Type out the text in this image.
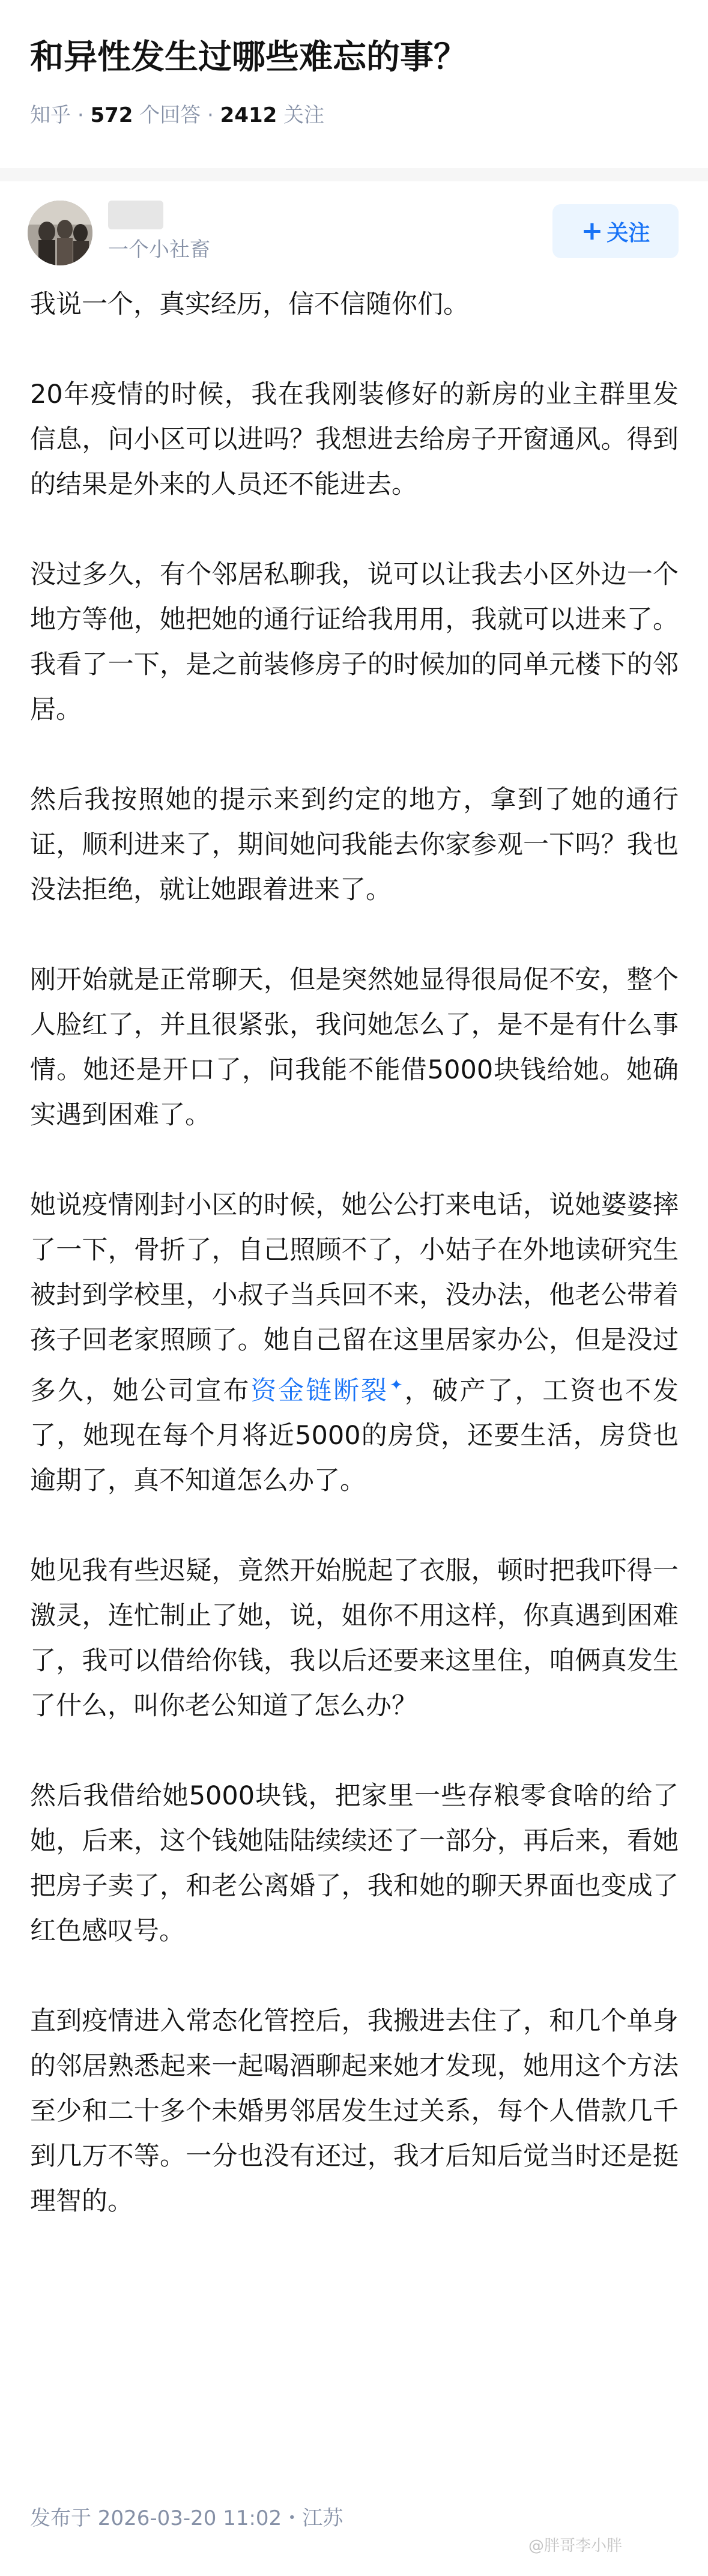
和异性发生过哪些难忘的事？
知乎 · 572 个回答 · 2412 关注
一个小社畜
+ 关注

我说一个，真实经历，信不信随你们。

20年疫情的时候，我在我刚装修好的新房的业主群里发信息，问小区可以进吗？我想进去给房子开窗通风。得到的结果是外来的人员还不能进去。

没过多久，有个邻居私聊我，说可以让我去小区外边一个地方等他，她把她的通行证给我用用，我就可以进来了。我看了一下，是之前装修房子的时候加的同单元楼下的邻居。

然后我按照她的提示来到约定的地方，拿到了她的通行证，顺利进来了，期间她问我能去你家参观一下吗？我也没法拒绝，就让她跟着进来了。

刚开始就是正常聊天，但是突然她显得很局促不安，整个人脸红了，并且很紧张，我问她怎么了，是不是有什么事情。她还是开口了，问我能不能借5000块钱给她。她确实遇到困难了。

她说疫情刚封小区的时候，她公公打来电话，说她婆婆摔了一下，骨折了，自己照顾不了，小姑子在外地读研究生被封到学校里，小叔子当兵回不来，没办法，他老公带着孩子回老家照顾了。她自己留在这里居家办公，但是没过多久，她公司宣布资金链断裂✦，破产了，工资也不发了，她现在每个月将近5000的房贷，还要生活，房贷也逾期了，真不知道怎么办了。

她见我有些迟疑，竟然开始脱起了衣服，顿时把我吓得一激灵，连忙制止了她，说，姐你不用这样，你真遇到困难了，我可以借给你钱，我以后还要来这里住，咱俩真发生了什么，叫你老公知道了怎么办？

然后我借给她5000块钱，把家里一些存粮零食啥的给了她，后来，这个钱她陆陆续续还了一部分，再后来，看她把房子卖了，和老公离婚了，我和她的聊天界面也变成了红色感叹号。

直到疫情进入常态化管控后，我搬进去住了，和几个单身的邻居熟悉起来一起喝酒聊起来她才发现，她用这个方法至少和二十多个未婚男邻居发生过关系，每个人借款几千到几万不等。一分也没有还过，我才后知后觉当时还是挺理智的。

发布于 2026-03-20 11:02・江苏
@胖哥李小胖
